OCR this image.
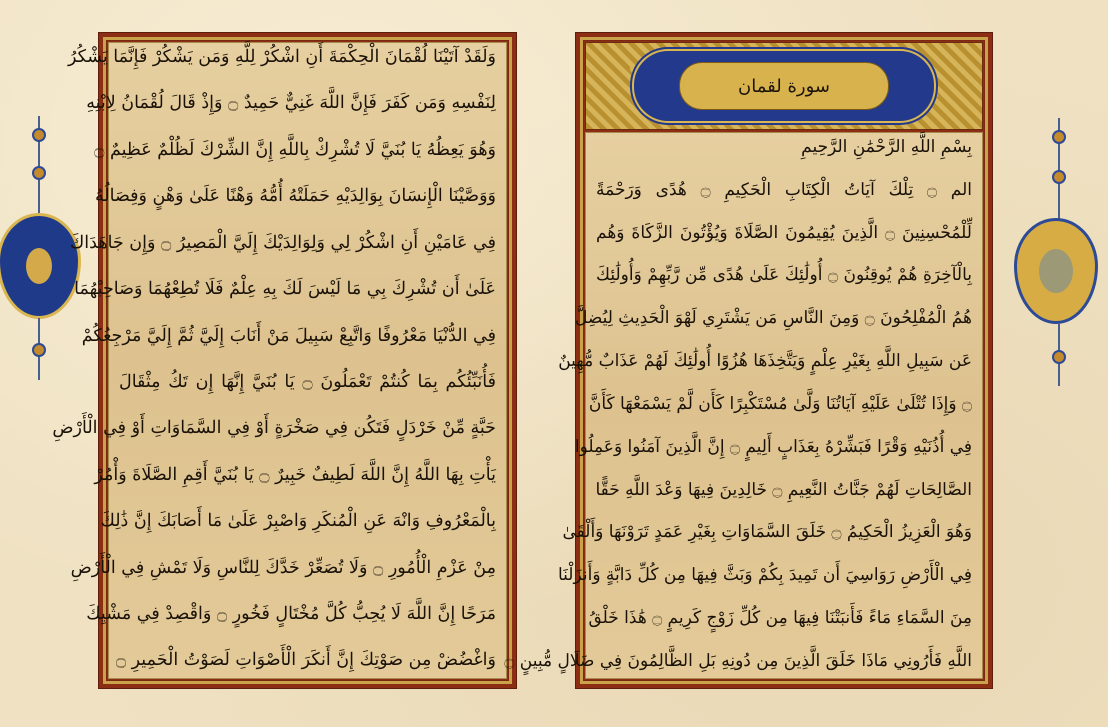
وَلَقَدْ آتَيْنَا لُقْمَانَ الْحِكْمَةَ أَنِ اشْكُرْ لِلَّهِ وَمَن يَشْكُرْ فَإِنَّمَا يَشْكُرُ
لِنَفْسِهِ وَمَن كَفَرَ فَإِنَّ اللَّهَ غَنِيٌّ حَمِيدٌ ۝ وَإِذْ قَالَ لُقْمَانُ لِابْنِهِ
وَهُوَ يَعِظُهُ يَا بُنَيَّ لَا تُشْرِكْ بِاللَّهِ إِنَّ الشِّرْكَ لَظُلْمٌ عَظِيمٌ ۝
وَوَصَّيْنَا الْإِنسَانَ بِوَالِدَيْهِ حَمَلَتْهُ أُمُّهُ وَهْنًا عَلَىٰ وَهْنٍ وَفِصَالُهُ
فِي عَامَيْنِ أَنِ اشْكُرْ لِي وَلِوَالِدَيْكَ إِلَيَّ الْمَصِيرُ ۝ وَإِن جَاهَدَاكَ
عَلَىٰ أَن تُشْرِكَ بِي مَا لَيْسَ لَكَ بِهِ عِلْمٌ فَلَا تُطِعْهُمَا وَصَاحِبْهُمَا
فِي الدُّنْيَا مَعْرُوفًا وَاتَّبِعْ سَبِيلَ مَنْ أَنَابَ إِلَيَّ ثُمَّ إِلَيَّ مَرْجِعُكُمْ
فَأُنَبِّئُكُم بِمَا كُنتُمْ تَعْمَلُونَ ۝ يَا بُنَيَّ إِنَّهَا إِن تَكُ مِثْقَالَ
حَبَّةٍ مِّنْ خَرْدَلٍ فَتَكُن فِي صَخْرَةٍ أَوْ فِي السَّمَاوَاتِ أَوْ فِي الْأَرْضِ
يَأْتِ بِهَا اللَّهُ إِنَّ اللَّهَ لَطِيفٌ خَبِيرٌ ۝ يَا بُنَيَّ أَقِمِ الصَّلَاةَ وَأْمُرْ
بِالْمَعْرُوفِ وَانْهَ عَنِ الْمُنكَرِ وَاصْبِرْ عَلَىٰ مَا أَصَابَكَ إِنَّ ذَٰلِكَ
مِنْ عَزْمِ الْأُمُورِ ۝ وَلَا تُصَعِّرْ خَدَّكَ لِلنَّاسِ وَلَا تَمْشِ فِي الْأَرْضِ
مَرَحًا إِنَّ اللَّهَ لَا يُحِبُّ كُلَّ مُخْتَالٍ فَخُورٍ ۝ وَاقْصِدْ فِي مَشْيِكَ
وَاغْضُضْ مِن صَوْتِكَ إِنَّ أَنكَرَ الْأَصْوَاتِ لَصَوْتُ الْحَمِيرِ ۝
سورة لقمان
بِسْمِ اللَّهِ الرَّحْمَٰنِ الرَّحِيمِ
الم ۝ تِلْكَ آيَاتُ الْكِتَابِ الْحَكِيمِ ۝ هُدًى وَرَحْمَةً
لِّلْمُحْسِنِينَ ۝ الَّذِينَ يُقِيمُونَ الصَّلَاةَ وَيُؤْتُونَ الزَّكَاةَ وَهُم
بِالْآخِرَةِ هُمْ يُوقِنُونَ ۝ أُولَٰئِكَ عَلَىٰ هُدًى مِّن رَّبِّهِمْ وَأُولَٰئِكَ
هُمُ الْمُفْلِحُونَ ۝ وَمِنَ النَّاسِ مَن يَشْتَرِي لَهْوَ الْحَدِيثِ لِيُضِلَّ
عَن سَبِيلِ اللَّهِ بِغَيْرِ عِلْمٍ وَيَتَّخِذَهَا هُزُوًا أُولَٰئِكَ لَهُمْ عَذَابٌ مُّهِينٌ
۝ وَإِذَا تُتْلَىٰ عَلَيْهِ آيَاتُنَا وَلَّىٰ مُسْتَكْبِرًا كَأَن لَّمْ يَسْمَعْهَا كَأَنَّ
فِي أُذُنَيْهِ وَقْرًا فَبَشِّرْهُ بِعَذَابٍ أَلِيمٍ ۝ إِنَّ الَّذِينَ آمَنُوا وَعَمِلُوا
الصَّالِحَاتِ لَهُمْ جَنَّاتُ النَّعِيمِ ۝ خَالِدِينَ فِيهَا وَعْدَ اللَّهِ حَقًّا
وَهُوَ الْعَزِيزُ الْحَكِيمُ ۝ خَلَقَ السَّمَاوَاتِ بِغَيْرِ عَمَدٍ تَرَوْنَهَا وَأَلْقَىٰ
فِي الْأَرْضِ رَوَاسِيَ أَن تَمِيدَ بِكُمْ وَبَثَّ فِيهَا مِن كُلِّ دَابَّةٍ وَأَنزَلْنَا
مِنَ السَّمَاءِ مَاءً فَأَنبَتْنَا فِيهَا مِن كُلِّ زَوْجٍ كَرِيمٍ ۝ هَٰذَا خَلْقُ
اللَّهِ فَأَرُونِي مَاذَا خَلَقَ الَّذِينَ مِن دُونِهِ بَلِ الظَّالِمُونَ فِي ضَلَالٍ مُّبِينٍ ۝
